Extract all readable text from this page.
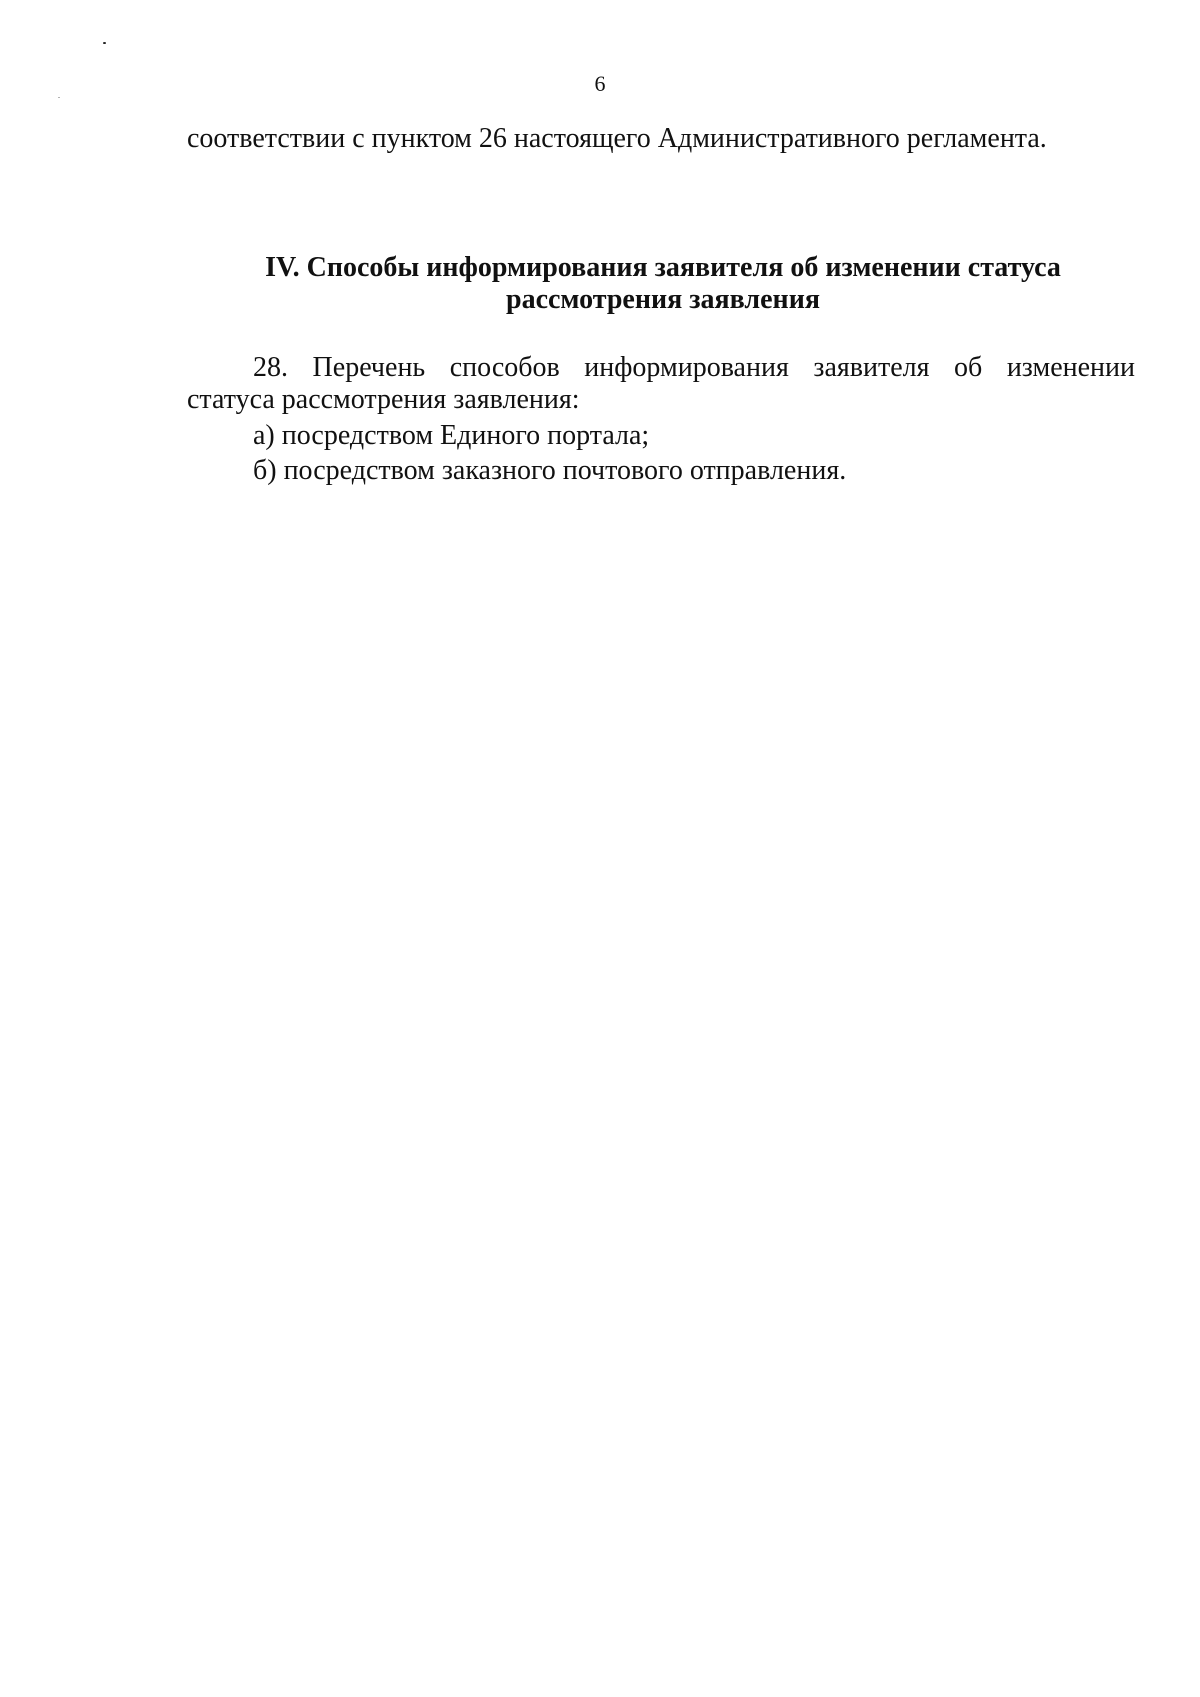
6
соответствии с пунктом 26 настоящего Административного регламента.
IV. Способы информирования заявителя об изменении статуса
рассмотрения заявления
28. Перечень способов информирования заявителя об изменении
статуса рассмотрения заявления:
а) посредством Единого портала;
б) посредством заказного почтового отправления.
